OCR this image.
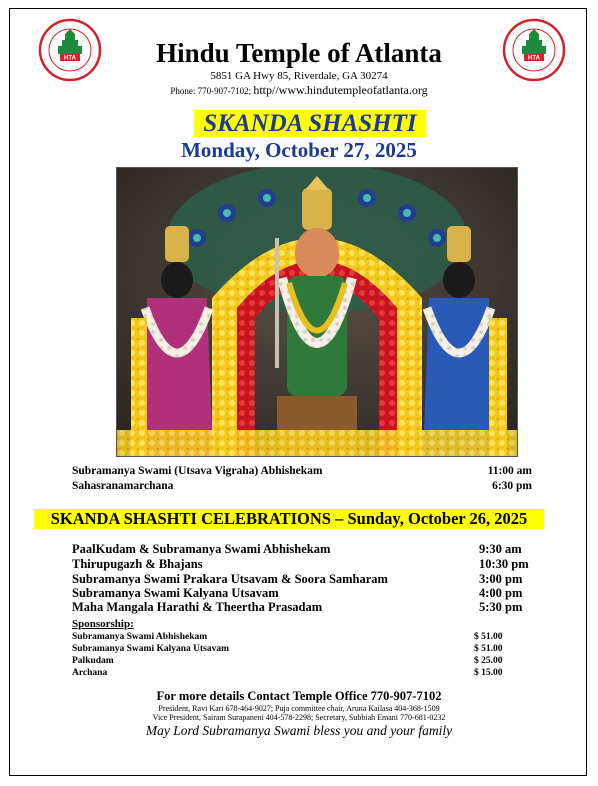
HTA	HTA
Hindu Temple of Atlanta
5851 GA Hwy 85, Riverdale, GA 30274
Phone: 770-907-7102; http//www.hindutempleofatlanta.org
SKANDA SHASHTI
Monday, October 27, 2025
Subramanya Swami (Utsava Vigraha) Abhishekam	11:00 am
Sahasranamarchana	6:30 pm
SKANDA SHASHTI CELEBRATIONS – Sunday, October 26, 2025
PaalKudam & Subramanya Swami Abhishekam	9:30 am
Thirupugazh & Bhajans	10:30 pm
Subramanya Swami Prakara Utsavam & Soora Samharam	3:00 pm
Subramanya Swami Kalyana Utsavam	4:00 pm
Maha Mangala Harathi & Theertha Prasadam	5:30 pm
Sponsorship:
Subramanya Swami Abhishekam	$ 51.00
Subramanya Swami Kalyana Utsavam	$ 51.00
Palkudam	$ 25.00
Archana	$ 15.00
For more details Contact Temple Office 770-907-7102
President, Ravi Kari 678-464-9027; Puja committee chair, Aruna Kailasa 404-368-1509
Vice President, Sairam Surapaneni 404-578-2298; Secretary, Subbiah Emani 770-681-0232
May Lord Subramanya Swami bless you and your family
